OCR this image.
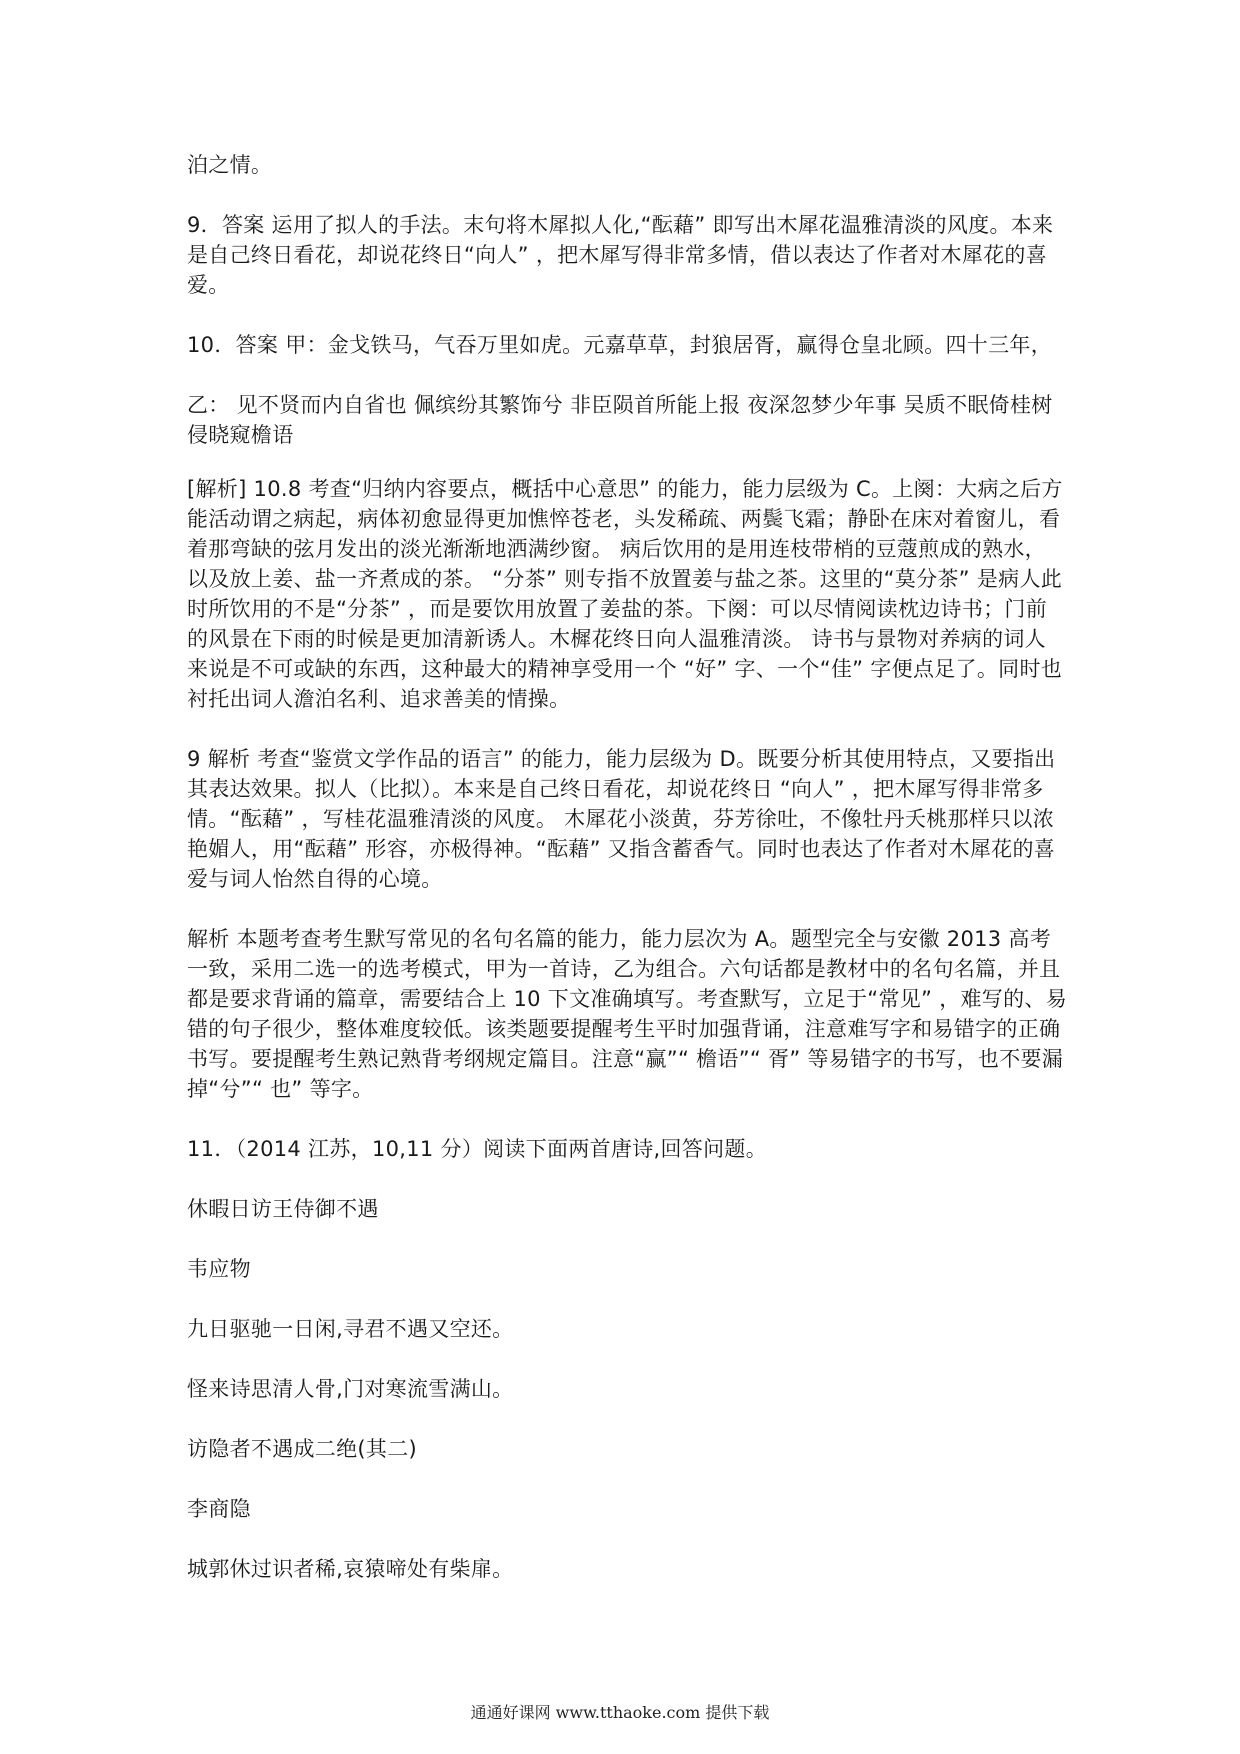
泊之情。

9．答案 运用了拟人的手法。末句将木犀拟人化,“酝藉” 即写出木犀花温雅清淡的风度。本来是自己终日看花，却说花终日“向人” ，把木犀写得非常多情，借以表达了作者对木犀花的喜爱。

10．答案 甲：金戈铁马，气吞万里如虎。元嘉草草，封狼居胥，赢得仓皇北顾。四十三年，

乙： 见不贤而内自省也 佩缤纷其繁饰兮 非臣陨首所能上报 夜深忽梦少年事 吴质不眠倚桂树 侵晓窥檐语

[解析] 10.8 考查“归纳内容要点，概括中心意思” 的能力，能力层级为 C。上阕：大病之后方能活动谓之病起，病体初愈显得更加憔悴苍老，头发稀疏、两鬓飞霜；静卧在床对着窗儿，看着那弯缺的弦月发出的淡光渐渐地洒满纱窗。 病后饮用的是用连枝带梢的豆蔻煎成的熟水，以及放上姜、盐一齐煮成的茶。 “分茶” 则专指不放置姜与盐之茶。这里的“莫分茶” 是病人此时所饮用的不是“分茶” ，而是要饮用放置了姜盐的茶。下阕：可以尽情阅读枕边诗书；门前的风景在下雨的时候是更加清新诱人。木樨花终日向人温雅清淡。 诗书与景物对养病的词人来说是不可或缺的东西，这种最大的精神享受用一个 “好” 字、一个“佳” 字便点足了。同时也衬托出词人澹泊名利、追求善美的情操。

9 解析 考查“鉴赏文学作品的语言” 的能力，能力层级为 D。既要分析其使用特点，又要指出其表达效果。拟人（比拟）。本来是自己终日看花，却说花终日 “向人” ，把木犀写得非常多情。“酝藉” ，写桂花温雅清淡的风度。 木犀花小淡黄，芬芳徐吐，不像牡丹夭桃那样只以浓艳媚人，用“酝藉” 形容，亦极得神。“酝藉” 又指含蓄香气。同时也表达了作者对木犀花的喜爱与词人怡然自得的心境。

解析 本题考查考生默写常见的名句名篇的能力，能力层次为 A。题型完全与安徽 2013 高考一致，采用二选一的选考模式，甲为一首诗，乙为组合。六句话都是教材中的名句名篇，并且都是要求背诵的篇章，需要结合上 10 下文准确填写。考查默写，立足于“常见” ，难写的、易错的句子很少，整体难度较低。该类题要提醒考生平时加强背诵，注意难写字和易错字的正确书写。要提醒考生熟记熟背考纲规定篇目。注意“赢”“ 檐语”“ 胥” 等易错字的书写，也不要漏掉“兮”“ 也” 等字。

11．（2014 江苏，10,11 分）阅读下面两首唐诗,回答问题。

休暇日访王侍御不遇

韦应物

九日驱驰一日闲,寻君不遇又空还。

怪来诗思清人骨,门对寒流雪满山。

访隐者不遇成二绝(其二)

李商隐

城郭休过识者稀,哀猿啼处有柴扉。

通通好课网 www.tthaoke.com 提供下载
